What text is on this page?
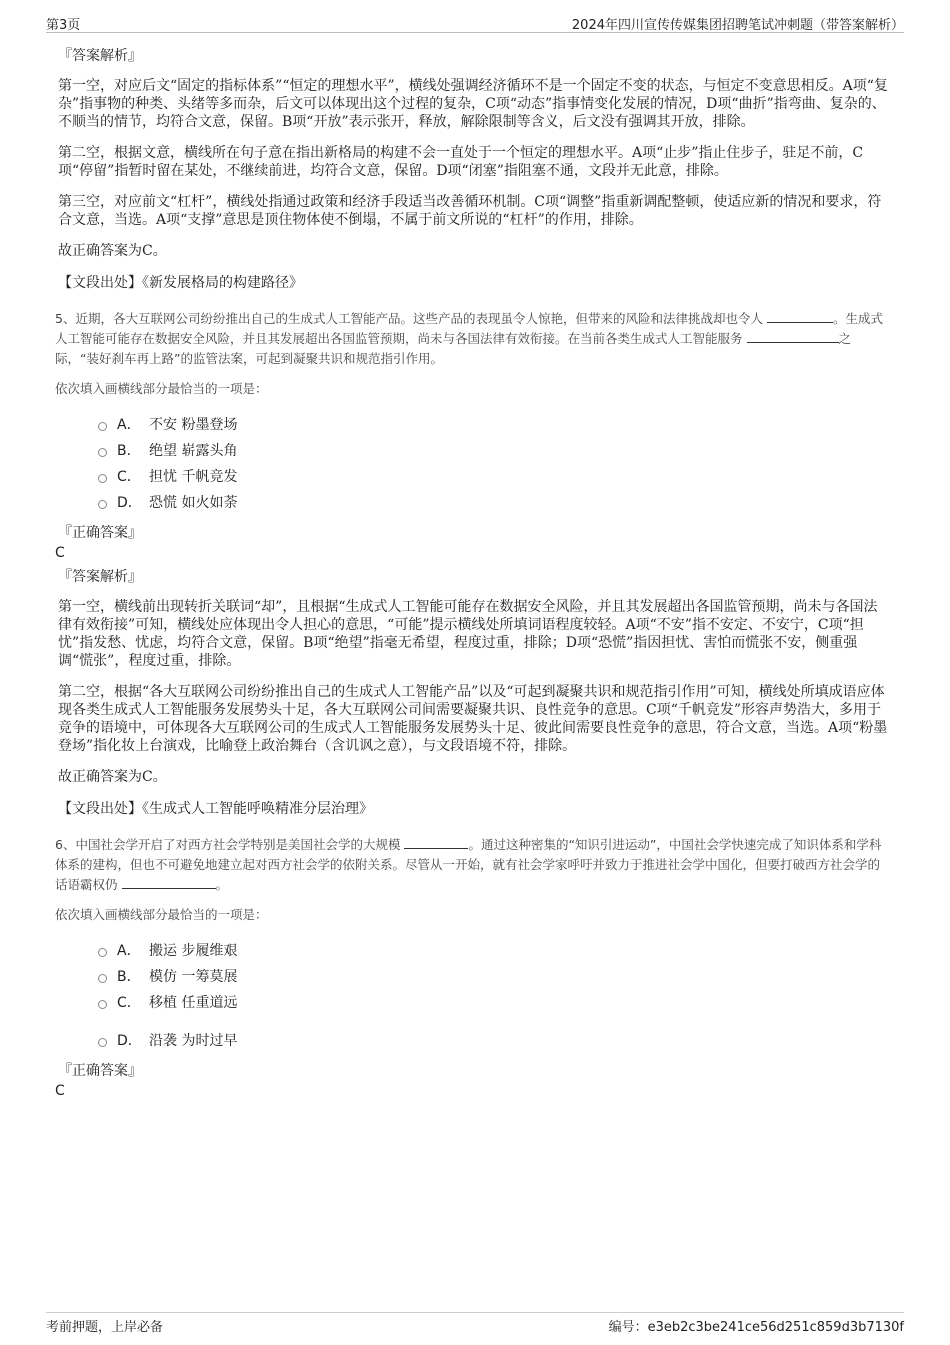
第3页	2024年四川宣传传媒集团招聘笔试冲刺题（带答案解析）

『答案解析』

第一空，对应后文“固定的指标体系”“恒定的理想水平”，横线处强调经济循环不是一个固定不变的状态，与恒定不变意思相反。A项“复杂”指事物的种类、头绪等多而杂，后文可以体现出这个过程的复杂，C项“动态”指事情变化发展的情况，D项“曲折”指弯曲、复杂的、不顺当的情节，均符合文意，保留。B项“开放”表示张开，释放，解除限制等含义，后文没有强调其开放，排除。

第二空，根据文意，横线所在句子意在指出新格局的构建不会一直处于一个恒定的理想水平。A项“止步”指止住步子，驻足不前，C项“停留”指暂时留在某处，不继续前进，均符合文意，保留。D项“闭塞”指阻塞不通，文段并无此意，排除。

第三空，对应前文“杠杆”，横线处指通过政策和经济手段适当改善循环机制。C项“调整”指重新调配整顿，使适应新的情况和要求，符合文意，当选。A项“支撑”意思是顶住物体使不倒塌，不属于前文所说的“杠杆”的作用，排除。

故正确答案为C。

【文段出处】《新发展格局的构建路径》

5、近期，各大互联网公司纷纷推出自己的生成式人工智能产品。这些产品的表现虽令人惊艳，但带来的风险和法律挑战却也令人	。生成式人工智能可能存在数据安全风险，并且其发展超出各国监管预期，尚未与各国法律有效衔接。在当前各类生成式人工智能服务	之际，“装好刹车再上路”的监管法案，可起到凝聚共识和规范指引作用。

依次填入画横线部分最恰当的一项是：

A． 不安 粉墨登场
B． 绝望 崭露头角
C． 担忧 千帆竞发
D． 恐慌 如火如荼

『正确答案』

C

『答案解析』

第一空，横线前出现转折关联词“却”，且根据“生成式人工智能可能存在数据安全风险，并且其发展超出各国监管预期，尚未与各国法律有效衔接”可知，横线处应体现出令人担心的意思，“可能”提示横线处所填词语程度较轻。A项“不安”指不安定、不安宁，C项“担忧”指发愁、忧虑，均符合文意，保留。B项“绝望”指毫无希望，程度过重，排除；D项“恐慌”指因担忧、害怕而慌张不安，侧重强调“慌张”，程度过重，排除。

第二空，根据“各大互联网公司纷纷推出自己的生成式人工智能产品”以及“可起到凝聚共识和规范指引作用”可知，横线处所填成语应体现各类生成式人工智能服务发展势头十足，各大互联网公司间需要凝聚共识、良性竞争的意思。C项“千帆竞发”形容声势浩大，多用于竞争的语境中，可体现各大互联网公司的生成式人工智能服务发展势头十足、彼此间需要良性竞争的意思，符合文意，当选。A项“粉墨登场”指化妆上台演戏，比喻登上政治舞台（含讥讽之意），与文段语境不符，排除。

故正确答案为C。

【文段出处】《生成式人工智能呼唤精准分层治理》

6、中国社会学开启了对西方社会学特别是美国社会学的大规模	。通过这种密集的“知识引进运动”，中国社会学快速完成了知识体系和学科体系的建构，但也不可避免地建立起对西方社会学的依附关系。尽管从一开始，就有社会学家呼吁并致力于推进社会学中国化，但要打破西方社会学的话语霸权仍	。

依次填入画横线部分最恰当的一项是：

A． 搬运 步履维艰
B． 模仿 一筹莫展
C． 移植 任重道远
D． 沿袭 为时过早

『正确答案』

C

考前押题，上岸必备	编号：e3eb2c3be241ce56d251c859d3b7130f
